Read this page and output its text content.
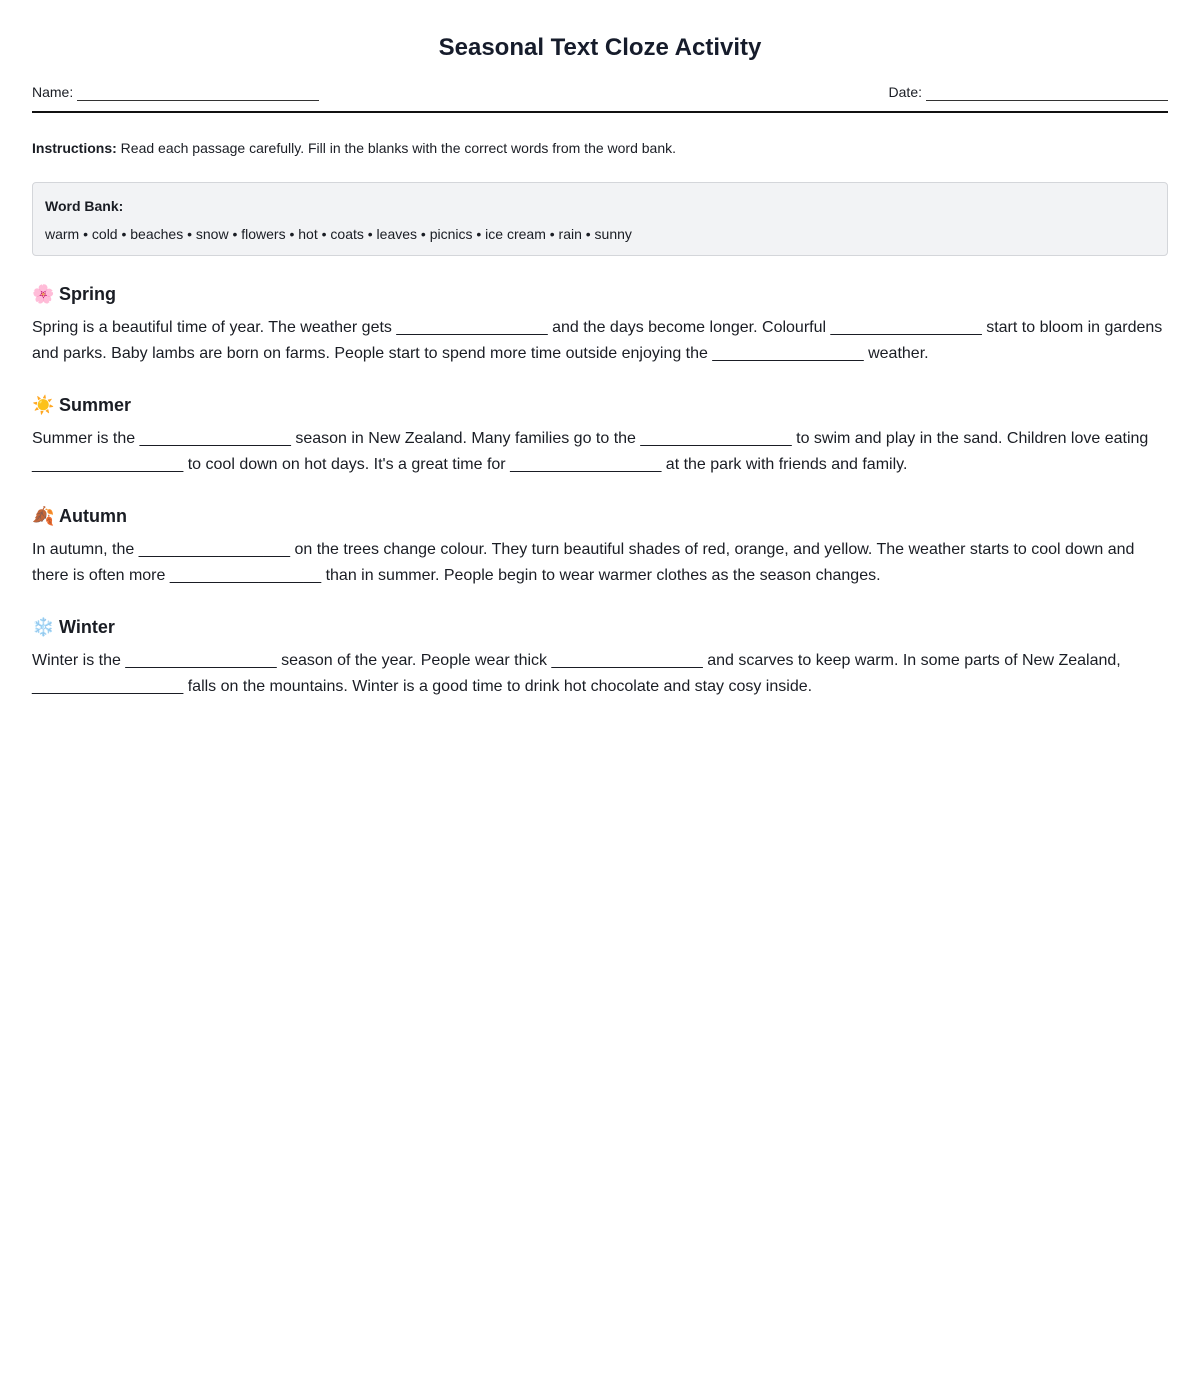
Seasonal Text Cloze Activity
Name:	Date:
Instructions: Read each passage carefully. Fill in the blanks with the correct words from the word bank.
Word Bank:
warm • cold • beaches • snow • flowers • hot • coats • leaves • picnics • ice cream • rain • sunny
🌸 Spring

Spring is a beautiful time of year. The weather gets _________________ and the days become longer. Colourful _________________ start to bloom in gardens and parks. Baby lambs are born on farms. People start to spend more time outside enjoying the _________________ weather.

☀️ Summer

Summer is the _________________ season in New Zealand. Many families go to the _________________ to swim and play in the sand. Children love eating _________________ to cool down on hot days. It's a great time for _________________ at the park with friends and family.

🍂 Autumn

In autumn, the _________________ on the trees change colour. They turn beautiful shades of red, orange, and yellow. The weather starts to cool down and there is often more _________________ than in summer. People begin to wear warmer clothes as the season changes.

❄️ Winter

Winter is the _________________ season of the year. People wear thick _________________ and scarves to keep warm. In some parts of New Zealand, _________________ falls on the mountains. Winter is a good time to drink hot chocolate and stay cosy inside.
